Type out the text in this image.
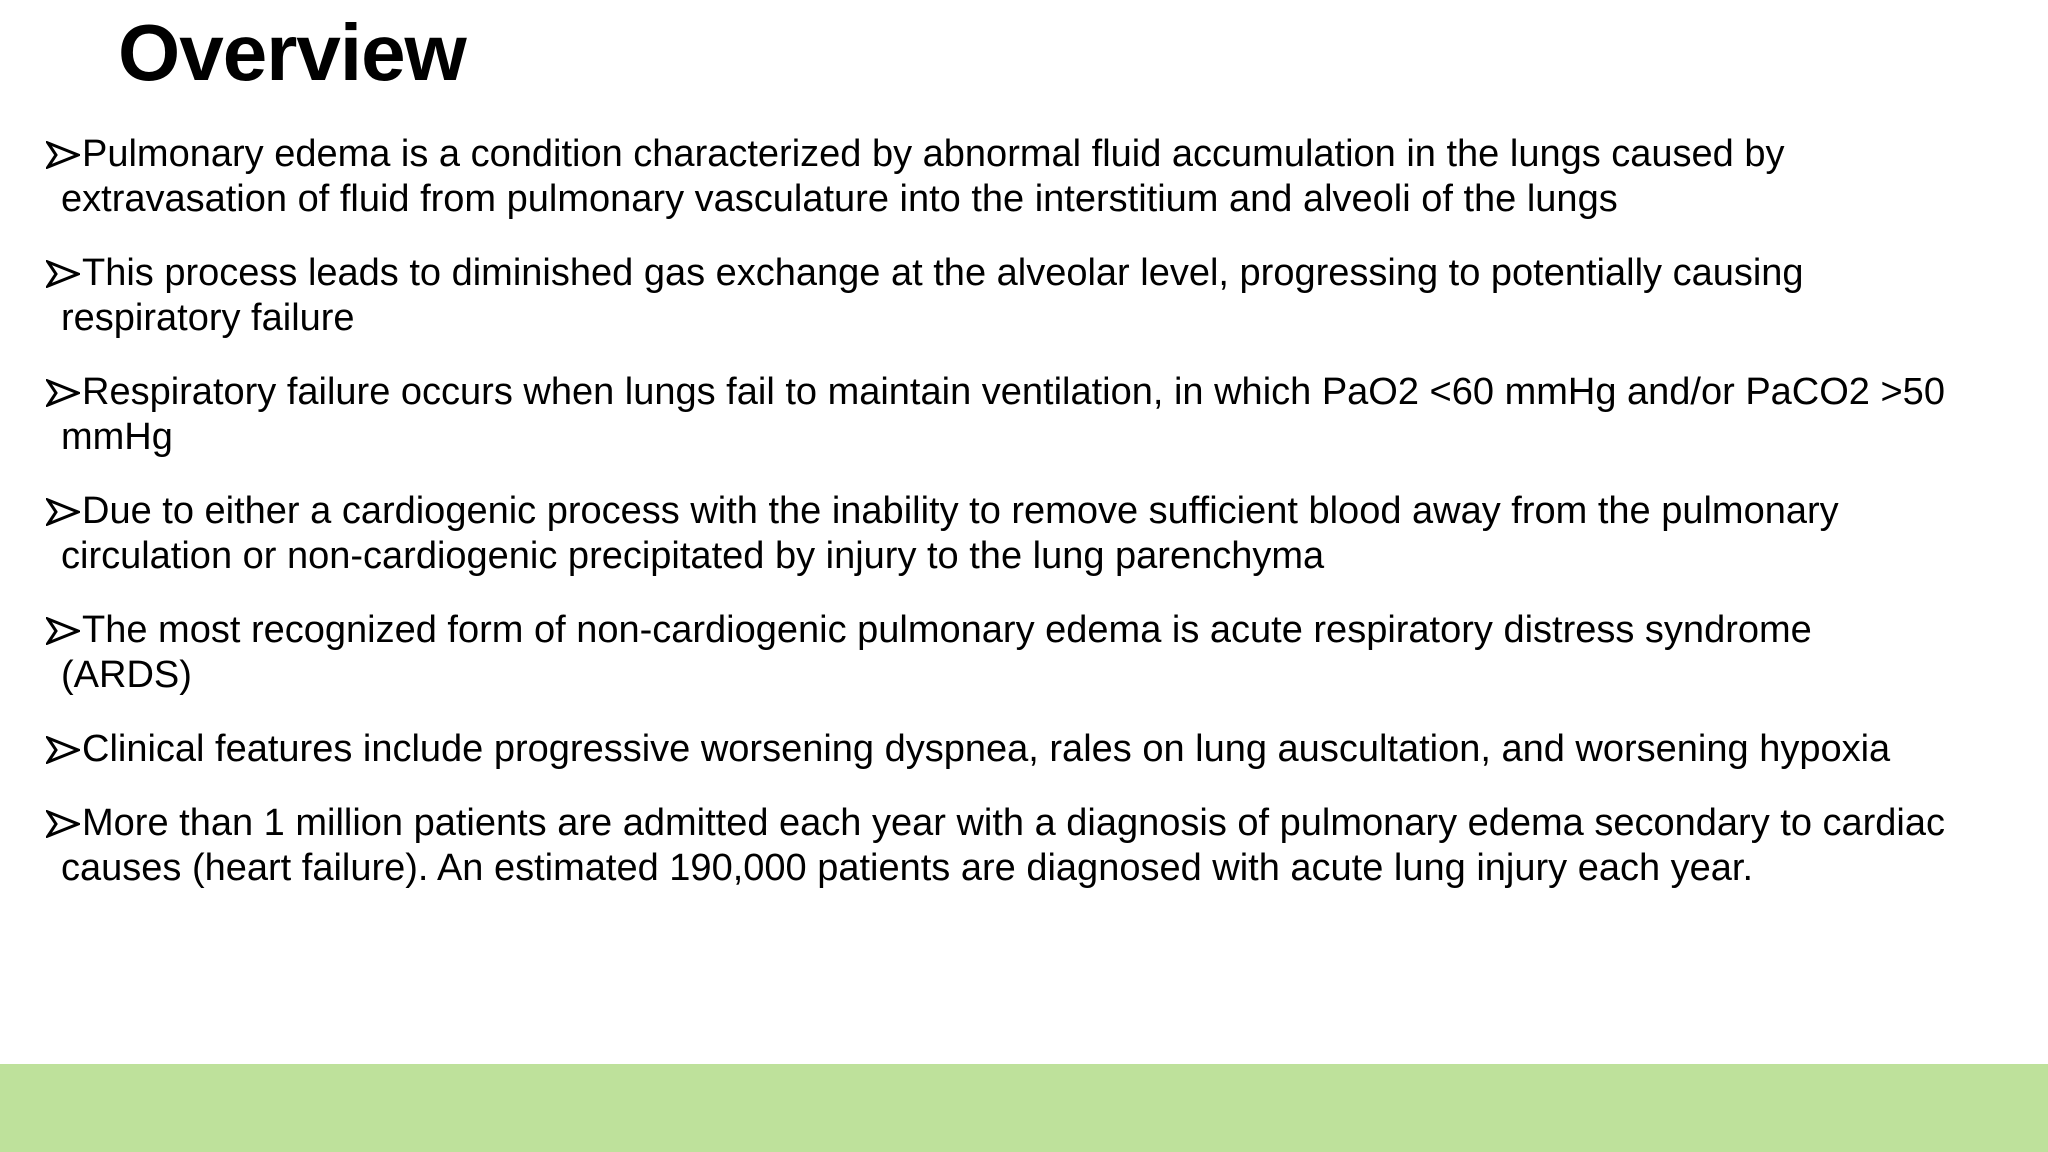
Overview
Pulmonary edema is a condition characterized by abnormal fluid accumulation in the lungs caused by extravasation of fluid from pulmonary vasculature into the interstitium and alveoli of the lungs
This process leads to diminished gas exchange at the alveolar level, progressing to potentially causing respiratory failure
Respiratory failure occurs when lungs fail to maintain ventilation, in which PaO2 <60 mmHg and/or PaCO2 >50 mmHg
Due to either a cardiogenic process with the inability to remove sufficient blood away from the pulmonary circulation or non-cardiogenic precipitated by injury to the lung parenchyma
The most recognized form of non-cardiogenic pulmonary edema is acute respiratory distress syndrome (ARDS)
Clinical features include progressive worsening dyspnea, rales on lung auscultation, and worsening hypoxia
More than 1 million patients are admitted each year with a diagnosis of pulmonary edema secondary to cardiac causes (heart failure). An estimated 190,000 patients are diagnosed with acute lung injury each year.
